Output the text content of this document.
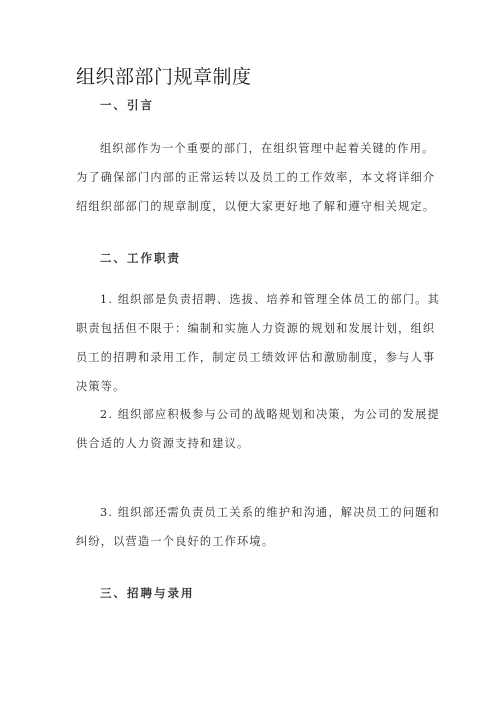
组织部部门规章制度
一、引言
组织部作为一个重要的部门，在组织管理中起着关键的作用。
为了确保部门内部的正常运转以及员工的工作效率，本文将详细介
绍组织部部门的规章制度，以便大家更好地了解和遵守相关规定。
二、工作职责
1. 组织部是负责招聘、选拔、培养和管理全体员工的部门。其
职责包括但不限于：编制和实施人力资源的规划和发展计划，组织
员工的招聘和录用工作，制定员工绩效评估和激励制度，参与人事
决策等。
2. 组织部应积极参与公司的战略规划和决策，为公司的发展提
供合适的人力资源支持和建议。
3. 组织部还需负责员工关系的维护和沟通，解决员工的问题和
纠纷，以营造一个良好的工作环境。
三、招聘与录用
